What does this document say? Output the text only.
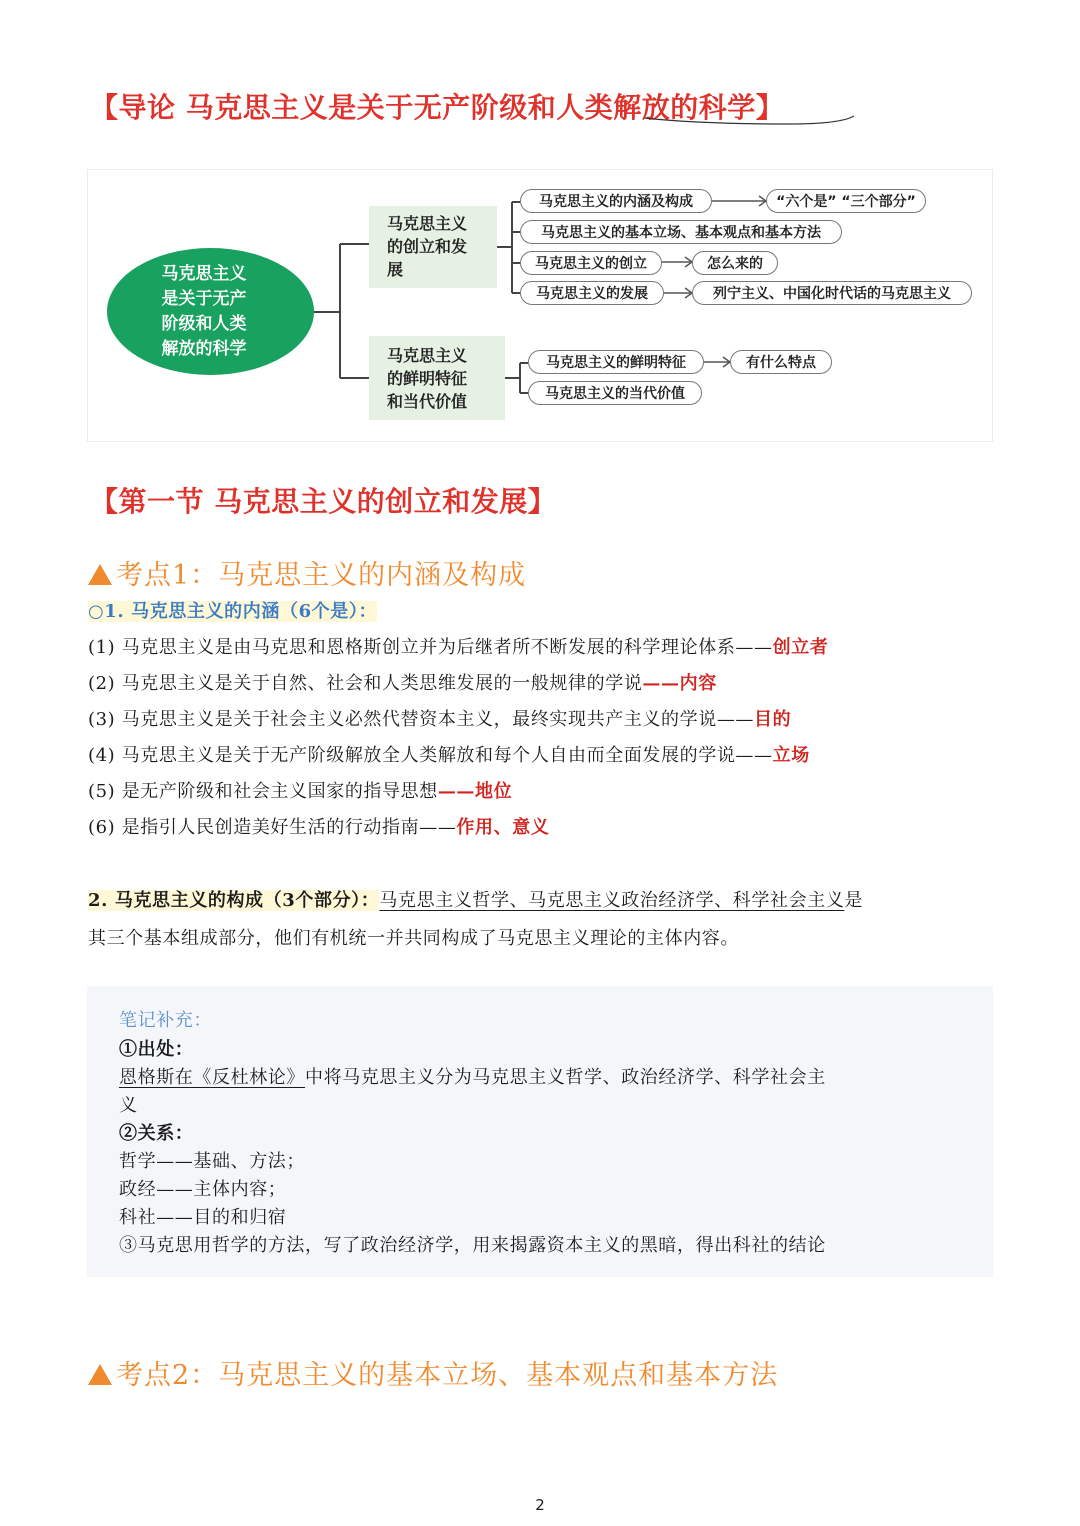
【导论 马克思主义是关于无产阶级和人类解放的科学】
马克思主义
是关于无产
阶级和人类
解放的科学
马克思主义
的创立和发
展
马克思主义
的鲜明特征
和当代价值
马克思主义的内涵及构成	“六个是” “三个部分”
马克思主义的基本立场、基本观点和基本方法
马克思主义的创立	怎么来的
马克思主义的发展	列宁主义、中国化时代话的马克思主义
马克思主义的鲜明特征	有什么特点
马克思主义的当代价值
【第一节 马克思主义的创立和发展】
考点1：马克思主义的内涵及构成
○1. 马克思主义的内涵（6个是）：
(1) 马克思主义是由马克思和恩格斯创立并为后继者所不断发展的科学理论体系——创立者
(2) 马克思主义是关于自然、社会和人类思维发展的一般规律的学说——内容
(3) 马克思主义是关于社会主义必然代替资本主义，最终实现共产主义的学说——目的
(4) 马克思主义是关于无产阶级解放全人类解放和每个人自由而全面发展的学说——立场
(5) 是无产阶级和社会主义国家的指导思想——地位
(6) 是指引人民创造美好生活的行动指南——作用、意义
2. 马克思主义的构成（3个部分）：马克思主义哲学、马克思主义政治经济学、科学社会主义是
其三个基本组成部分，他们有机统一并共同构成了马克思主义理论的主体内容。
笔记补充：
①出处：
恩格斯在《反杜林论》中将马克思主义分为马克思主义哲学、政治经济学、科学社会主
义
②关系：
哲学——基础、方法；
政经——主体内容；
科社——目的和归宿
③马克思用哲学的方法，写了政治经济学，用来揭露资本主义的黑暗，得出科社的结论
考点2：马克思主义的基本立场、基本观点和基本方法
2
